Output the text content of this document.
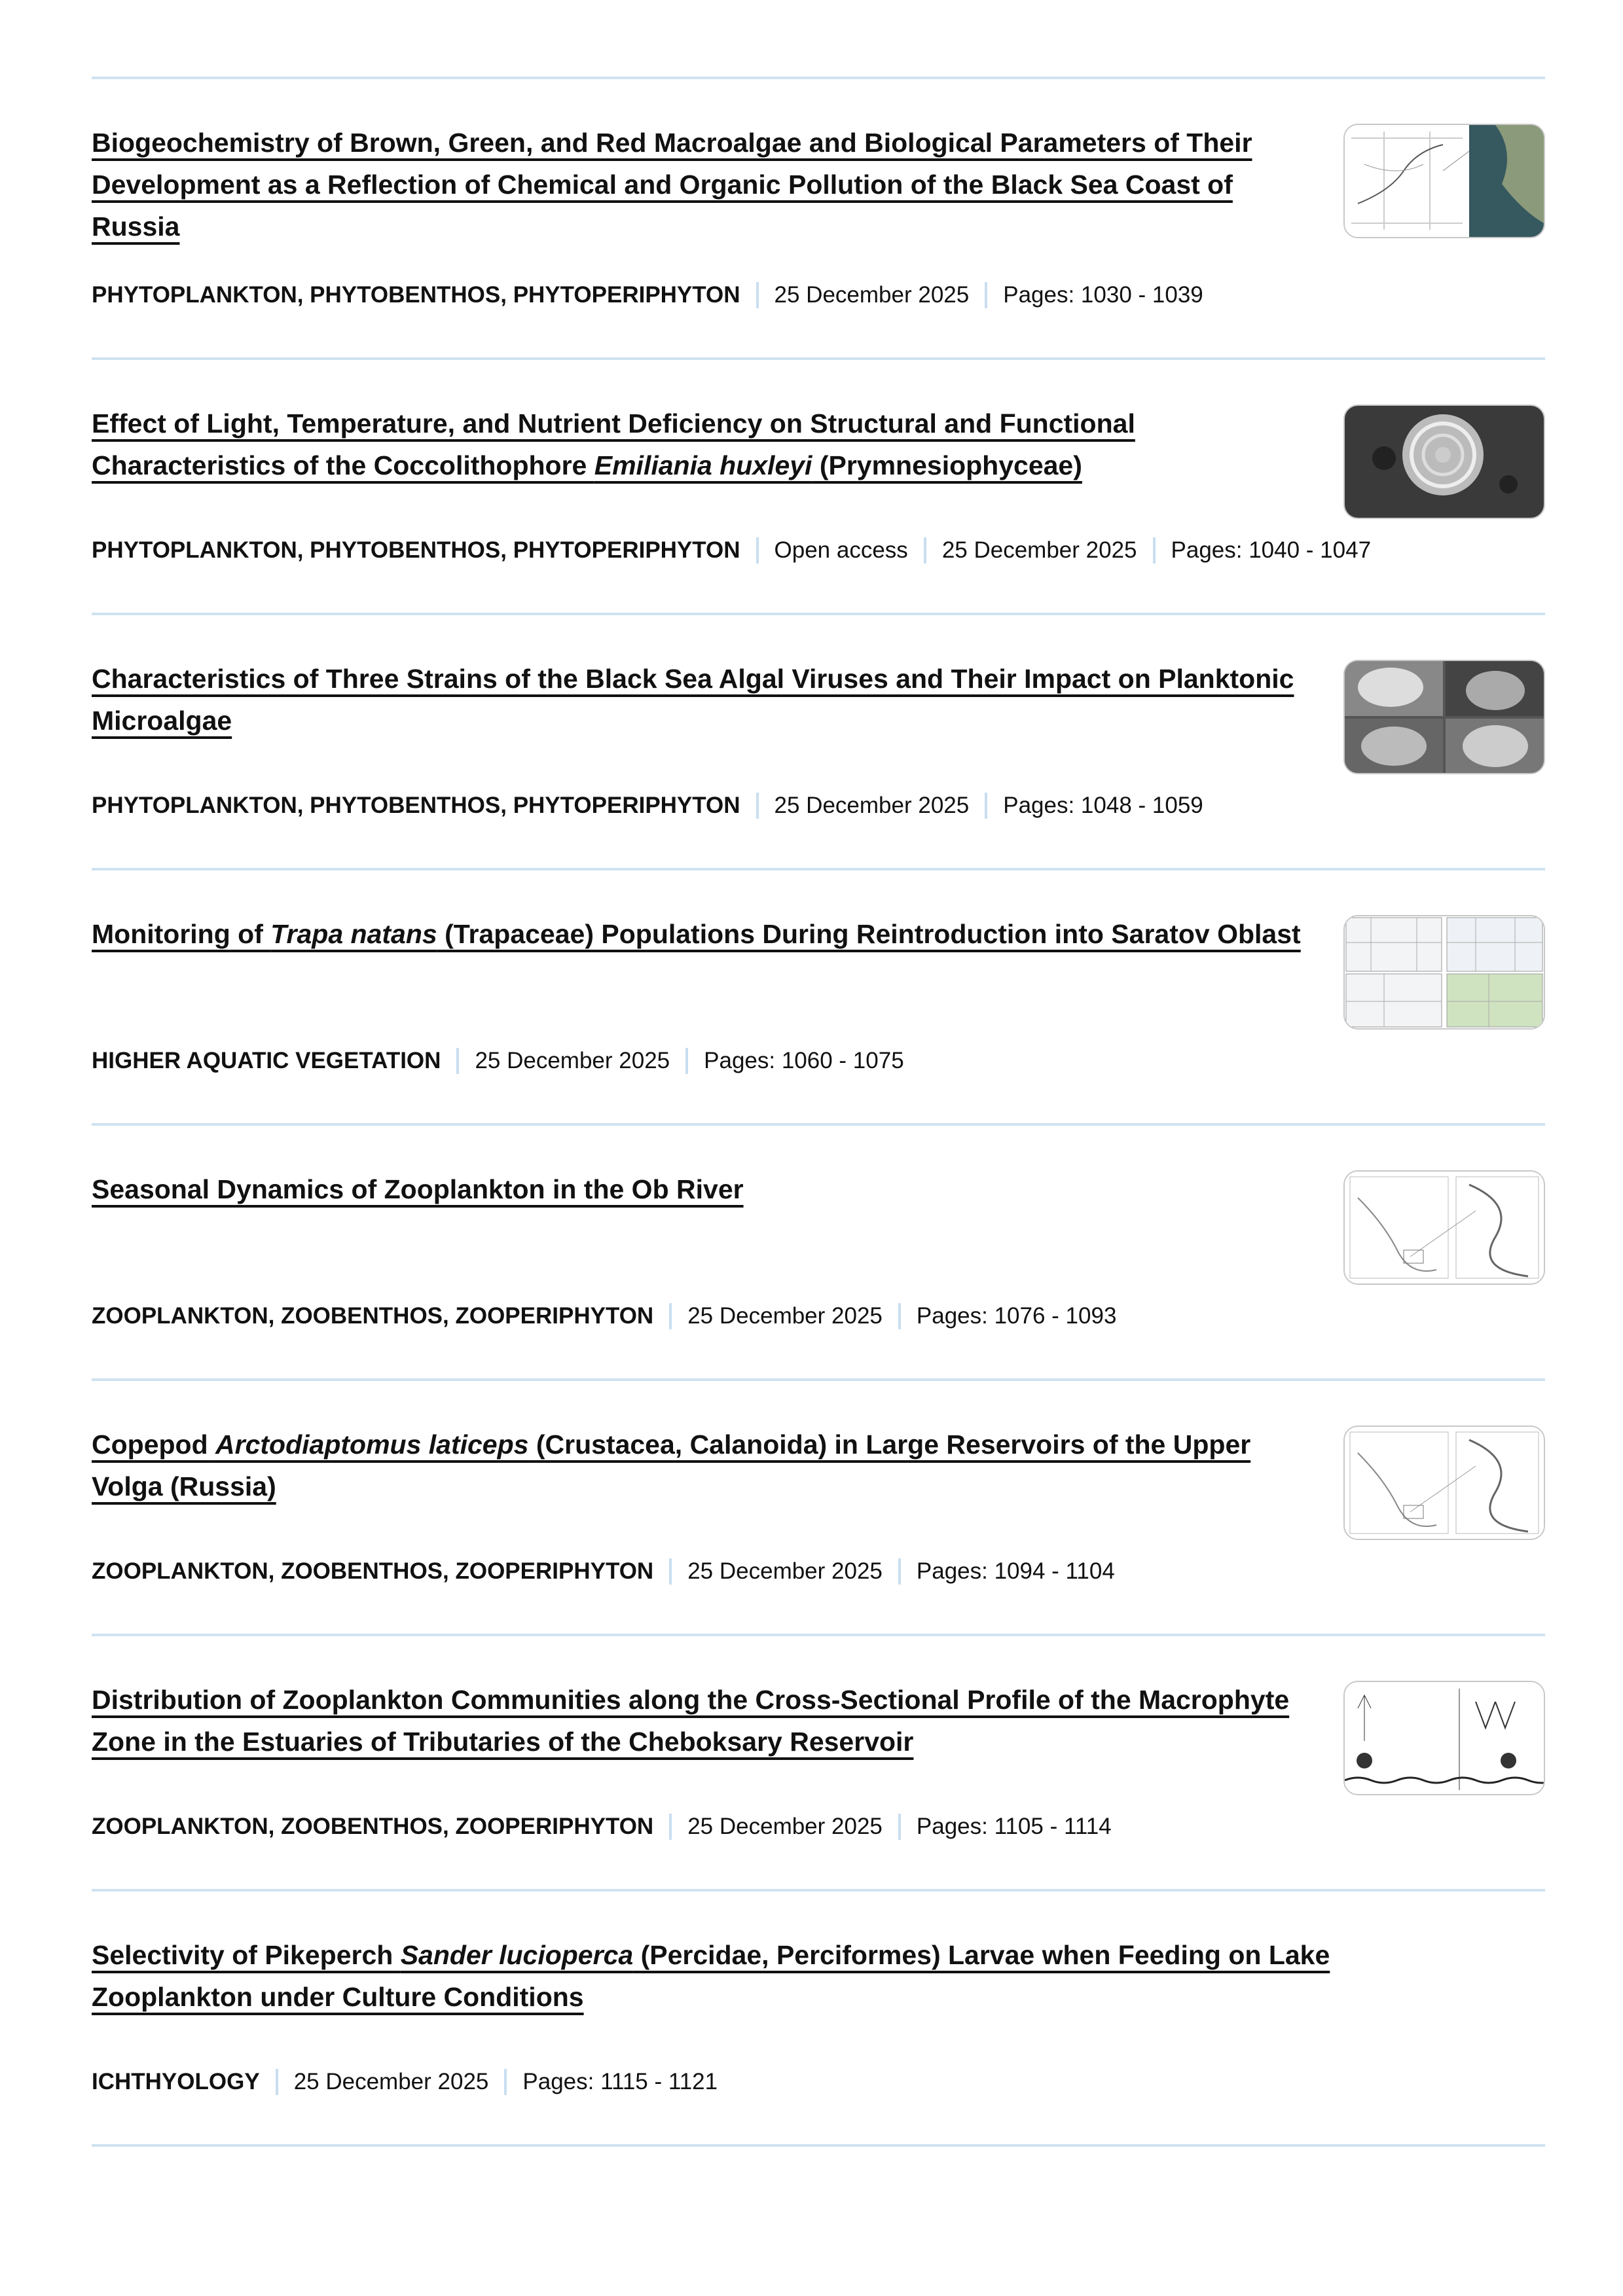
Biogeochemistry of Brown, Green, and Red Macroalgae and Biological Parameters of Their Development as a Reflection of Chemical and Organic Pollution of the Black Sea Coast of Russia
PHYTOPLANKTON, PHYTOBENTHOS, PHYTOPERIPHYTON 25 December 2025 Pages: 1030 - 1039
Effect of Light, Temperature, and Nutrient Deficiency on Structural and Functional Characteristics of the Coccolithophore Emiliania huxleyi (Prymnesiophyceae)
PHYTOPLANKTON, PHYTOBENTHOS, PHYTOPERIPHYTON Open access 25 December 2025 Pages: 1040 - 1047
Characteristics of Three Strains of the Black Sea Algal Viruses and Their Impact on Planktonic Microalgae
PHYTOPLANKTON, PHYTOBENTHOS, PHYTOPERIPHYTON 25 December 2025 Pages: 1048 - 1059
Monitoring of Trapa natans (Trapaceae) Populations During Reintroduction into Saratov Oblast
HIGHER AQUATIC VEGETATION 25 December 2025 Pages: 1060 - 1075
Seasonal Dynamics of Zooplankton in the Ob River
ZOOPLANKTON, ZOOBENTHOS, ZOOPERIPHYTON 25 December 2025 Pages: 1076 - 1093
Copepod Arctodiaptomus laticeps (Crustacea, Calanoida) in Large Reservoirs of the Upper Volga (Russia)
ZOOPLANKTON, ZOOBENTHOS, ZOOPERIPHYTON 25 December 2025 Pages: 1094 - 1104
Distribution of Zooplankton Communities along the Cross-Sectional Profile of the Macrophyte Zone in the Estuaries of Tributaries of the Cheboksary Reservoir
ZOOPLANKTON, ZOOBENTHOS, ZOOPERIPHYTON 25 December 2025 Pages: 1105 - 1114
Selectivity of Pikeperch Sander lucioperca (Percidae, Perciformes) Larvae when Feeding on Lake Zooplankton under Culture Conditions
ICHTHYOLOGY 25 December 2025 Pages: 1115 - 1121
